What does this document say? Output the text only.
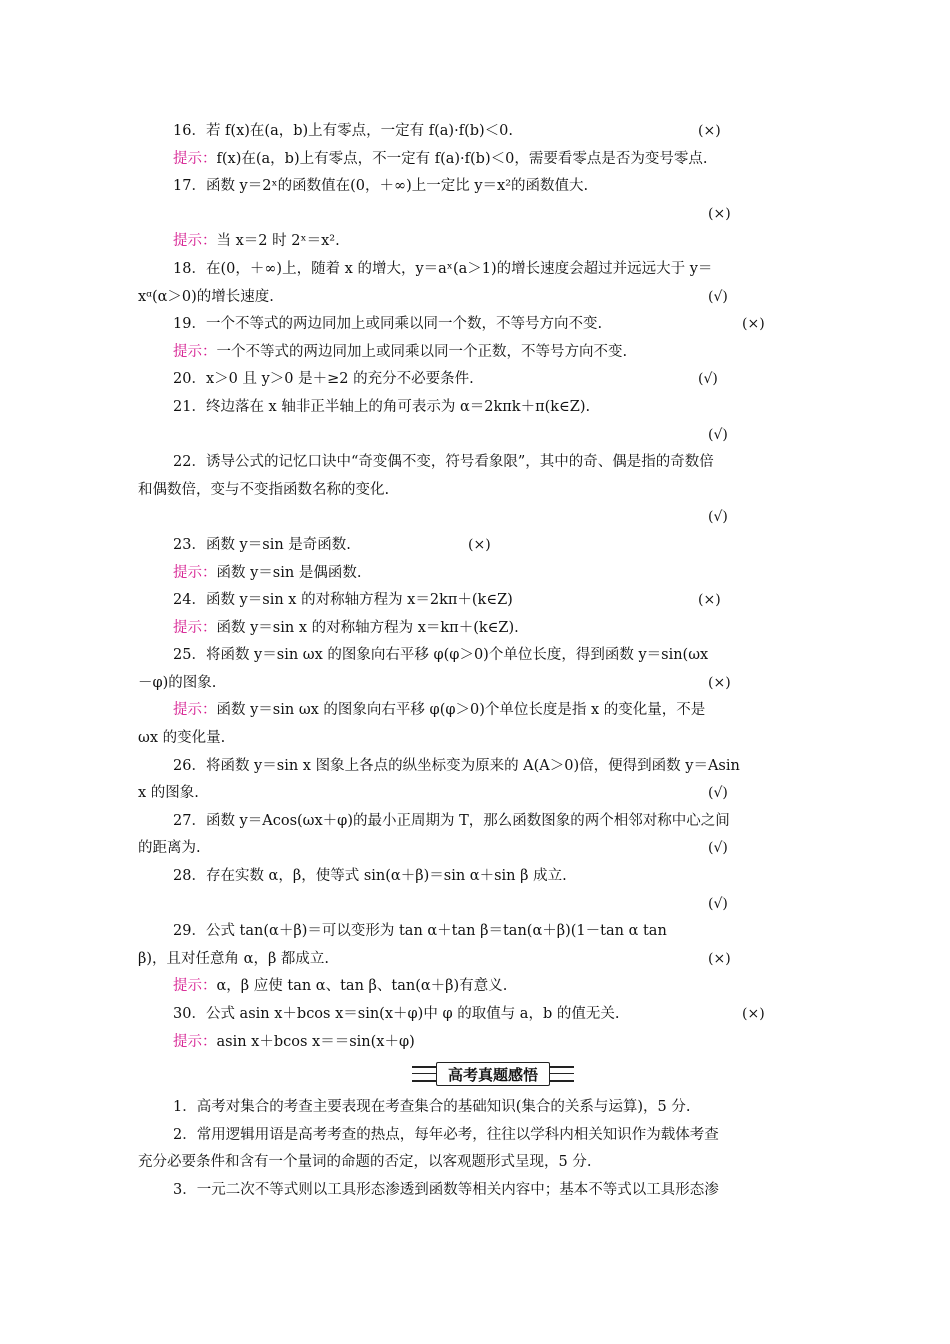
16．若 f(x)在(a，b)上有零点，一定有 f(a)·f(b)＜0.	(×)
提示：f(x)在(a，b)上有零点，不一定有 f(a)·f(b)＜0，需要看零点是否为变号零点.
17．函数 y＝2ˣ的函数值在(0，＋∞)上一定比 y＝x²的函数值大.
(×)
提示：当 x＝2 时 2ˣ＝x².
18．在(0，＋∞)上，随着 x 的增大，y＝aˣ(a＞1)的增长速度会超过并远远大于 y＝
xᵅ(α＞0)的增长速度.	(√)
19．一个不等式的两边同加上或同乘以同一个数，不等号方向不变.	(×)
提示：一个不等式的两边同加上或同乘以同一个正数，不等号方向不变.
20．x＞0 且 y＞0 是＋≥2 的充分不必要条件.	(√)
21．终边落在 x 轴非正半轴上的角可表示为 α＝2kπk＋π(k∈Z).
(√)
22．诱导公式的记忆口诀中“奇变偶不变，符号看象限”，其中的奇、偶是指的奇数倍
和偶数倍，变与不变指函数名称的变化.
(√)
23．函数 y＝sin 是奇函数.	(×)
提示：函数 y＝sin 是偶函数.
24．函数 y＝sin x 的对称轴方程为 x＝2kπ＋(k∈Z)	(×)
提示：函数 y＝sin x 的对称轴方程为 x＝kπ＋(k∈Z).
25．将函数 y＝sin ωx 的图象向右平移 φ(φ＞0)个单位长度，得到函数 y＝sin(ωx
－φ)的图象.	(×)
提示：函数 y＝sin ωx 的图象向右平移 φ(φ＞0)个单位长度是指 x 的变化量，不是
ωx 的变化量.
26．将函数 y＝sin x 图象上各点的纵坐标变为原来的 A(A＞0)倍，便得到函数 y＝Asin
x 的图象.	(√)
27．函数 y＝Acos(ωx＋φ)的最小正周期为 T，那么函数图象的两个相邻对称中心之间
的距离为.	(√)
28．存在实数 α，β，使等式 sin(α＋β)＝sin α＋sin β 成立.
(√)
29．公式 tan(α＋β)＝可以变形为 tan α＋tan β＝tan(α＋β)(1－tan α tan
β)，且对任意角 α，β 都成立.	(×)
提示：α，β 应使 tan α、tan β、tan(α＋β)有意义.
30．公式 asin x＋bcos x＝sin(x＋φ)中 φ 的取值与 a，b 的值无关.	(×)
提示：asin x＋bcos x＝＝sin(x＋φ)
高考真题感悟
1．高考对集合的考查主要表现在考查集合的基础知识(集合的关系与运算)，5 分.
2．常用逻辑用语是高考考查的热点，每年必考，往往以学科内相关知识作为载体考查
充分必要条件和含有一个量词的命题的否定，以客观题形式呈现，5 分.
3．一元二次不等式则以工具形态渗透到函数等相关内容中；基本不等式以工具形态渗
